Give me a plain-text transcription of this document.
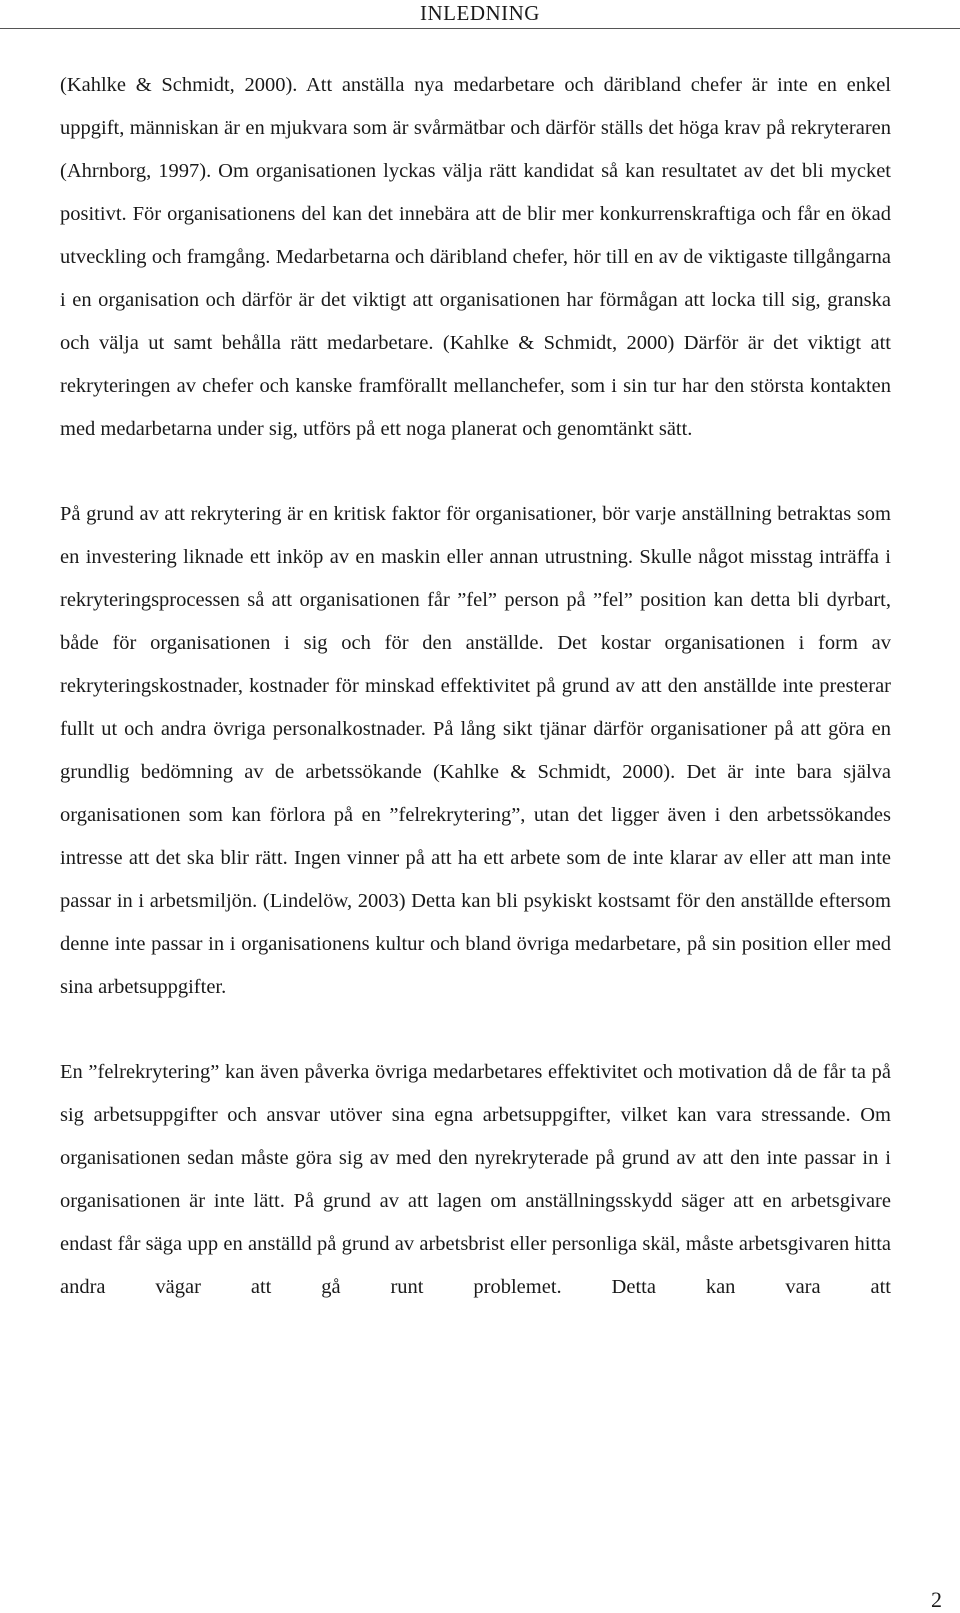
INLEDNING

(Kahlke & Schmidt, 2000). Att anställa nya medarbetare och däribland chefer är inte en enkel uppgift, människan är en mjukvara som är svårmätbar och därför ställs det höga krav på rekryteraren (Ahrnborg, 1997). Om organisationen lyckas välja rätt kandidat så kan resultatet av det bli mycket positivt. För organisationens del kan det innebära att de blir mer konkurrenskraftiga och får en ökad utveckling och framgång. Medarbetarna och däribland chefer, hör till en av de viktigaste tillgångarna i en organisation och därför är det viktigt att organisationen har förmågan att locka till sig, granska och välja ut samt behålla rätt medarbetare. (Kahlke & Schmidt, 2000) Därför är det viktigt att rekryteringen av chefer och kanske framförallt mellanchefer, som i sin tur har den största kontakten med medarbetarna under sig, utförs på ett noga planerat och genomtänkt sätt.

På grund av att rekrytering är en kritisk faktor för organisationer, bör varje anställning betraktas som en investering liknade ett inköp av en maskin eller annan utrustning. Skulle något misstag inträffa i rekryteringsprocessen så att organisationen får ”fel” person på ”fel” position kan detta bli dyrbart, både för organisationen i sig och för den anställde. Det kostar organisationen i form av rekryteringskostnader, kostnader för minskad effektivitet på grund av att den anställde inte presterar fullt ut och andra övriga personalkostnader. På lång sikt tjänar därför organisationer på att göra en grundlig bedömning av de arbetssökande (Kahlke & Schmidt, 2000). Det är inte bara själva organisationen som kan förlora på en ”felrekrytering”, utan det ligger även i den arbetssökandes intresse att det ska blir rätt. Ingen vinner på att ha ett arbete som de inte klarar av eller att man inte passar in i arbetsmiljön. (Lindelöw, 2003) Detta kan bli psykiskt kostsamt för den anställde eftersom denne inte passar in i organisationens kultur och bland övriga medarbetare, på sin position eller med sina arbetsuppgifter.

En ”felrekrytering” kan även påverka övriga medarbetares effektivitet och motivation då de får ta på sig arbetsuppgifter och ansvar utöver sina egna arbetsuppgifter, vilket kan vara stressande. Om organisationen sedan måste göra sig av med den nyrekryterade på grund av att den inte passar in i organisationen är inte lätt. På grund av att lagen om anställningsskydd säger att en arbetsgivare endast får säga upp en anställd på grund av arbetsbrist eller personliga skäl, måste arbetsgivaren hitta andra vägar att gå runt problemet. Detta kan vara att

2
